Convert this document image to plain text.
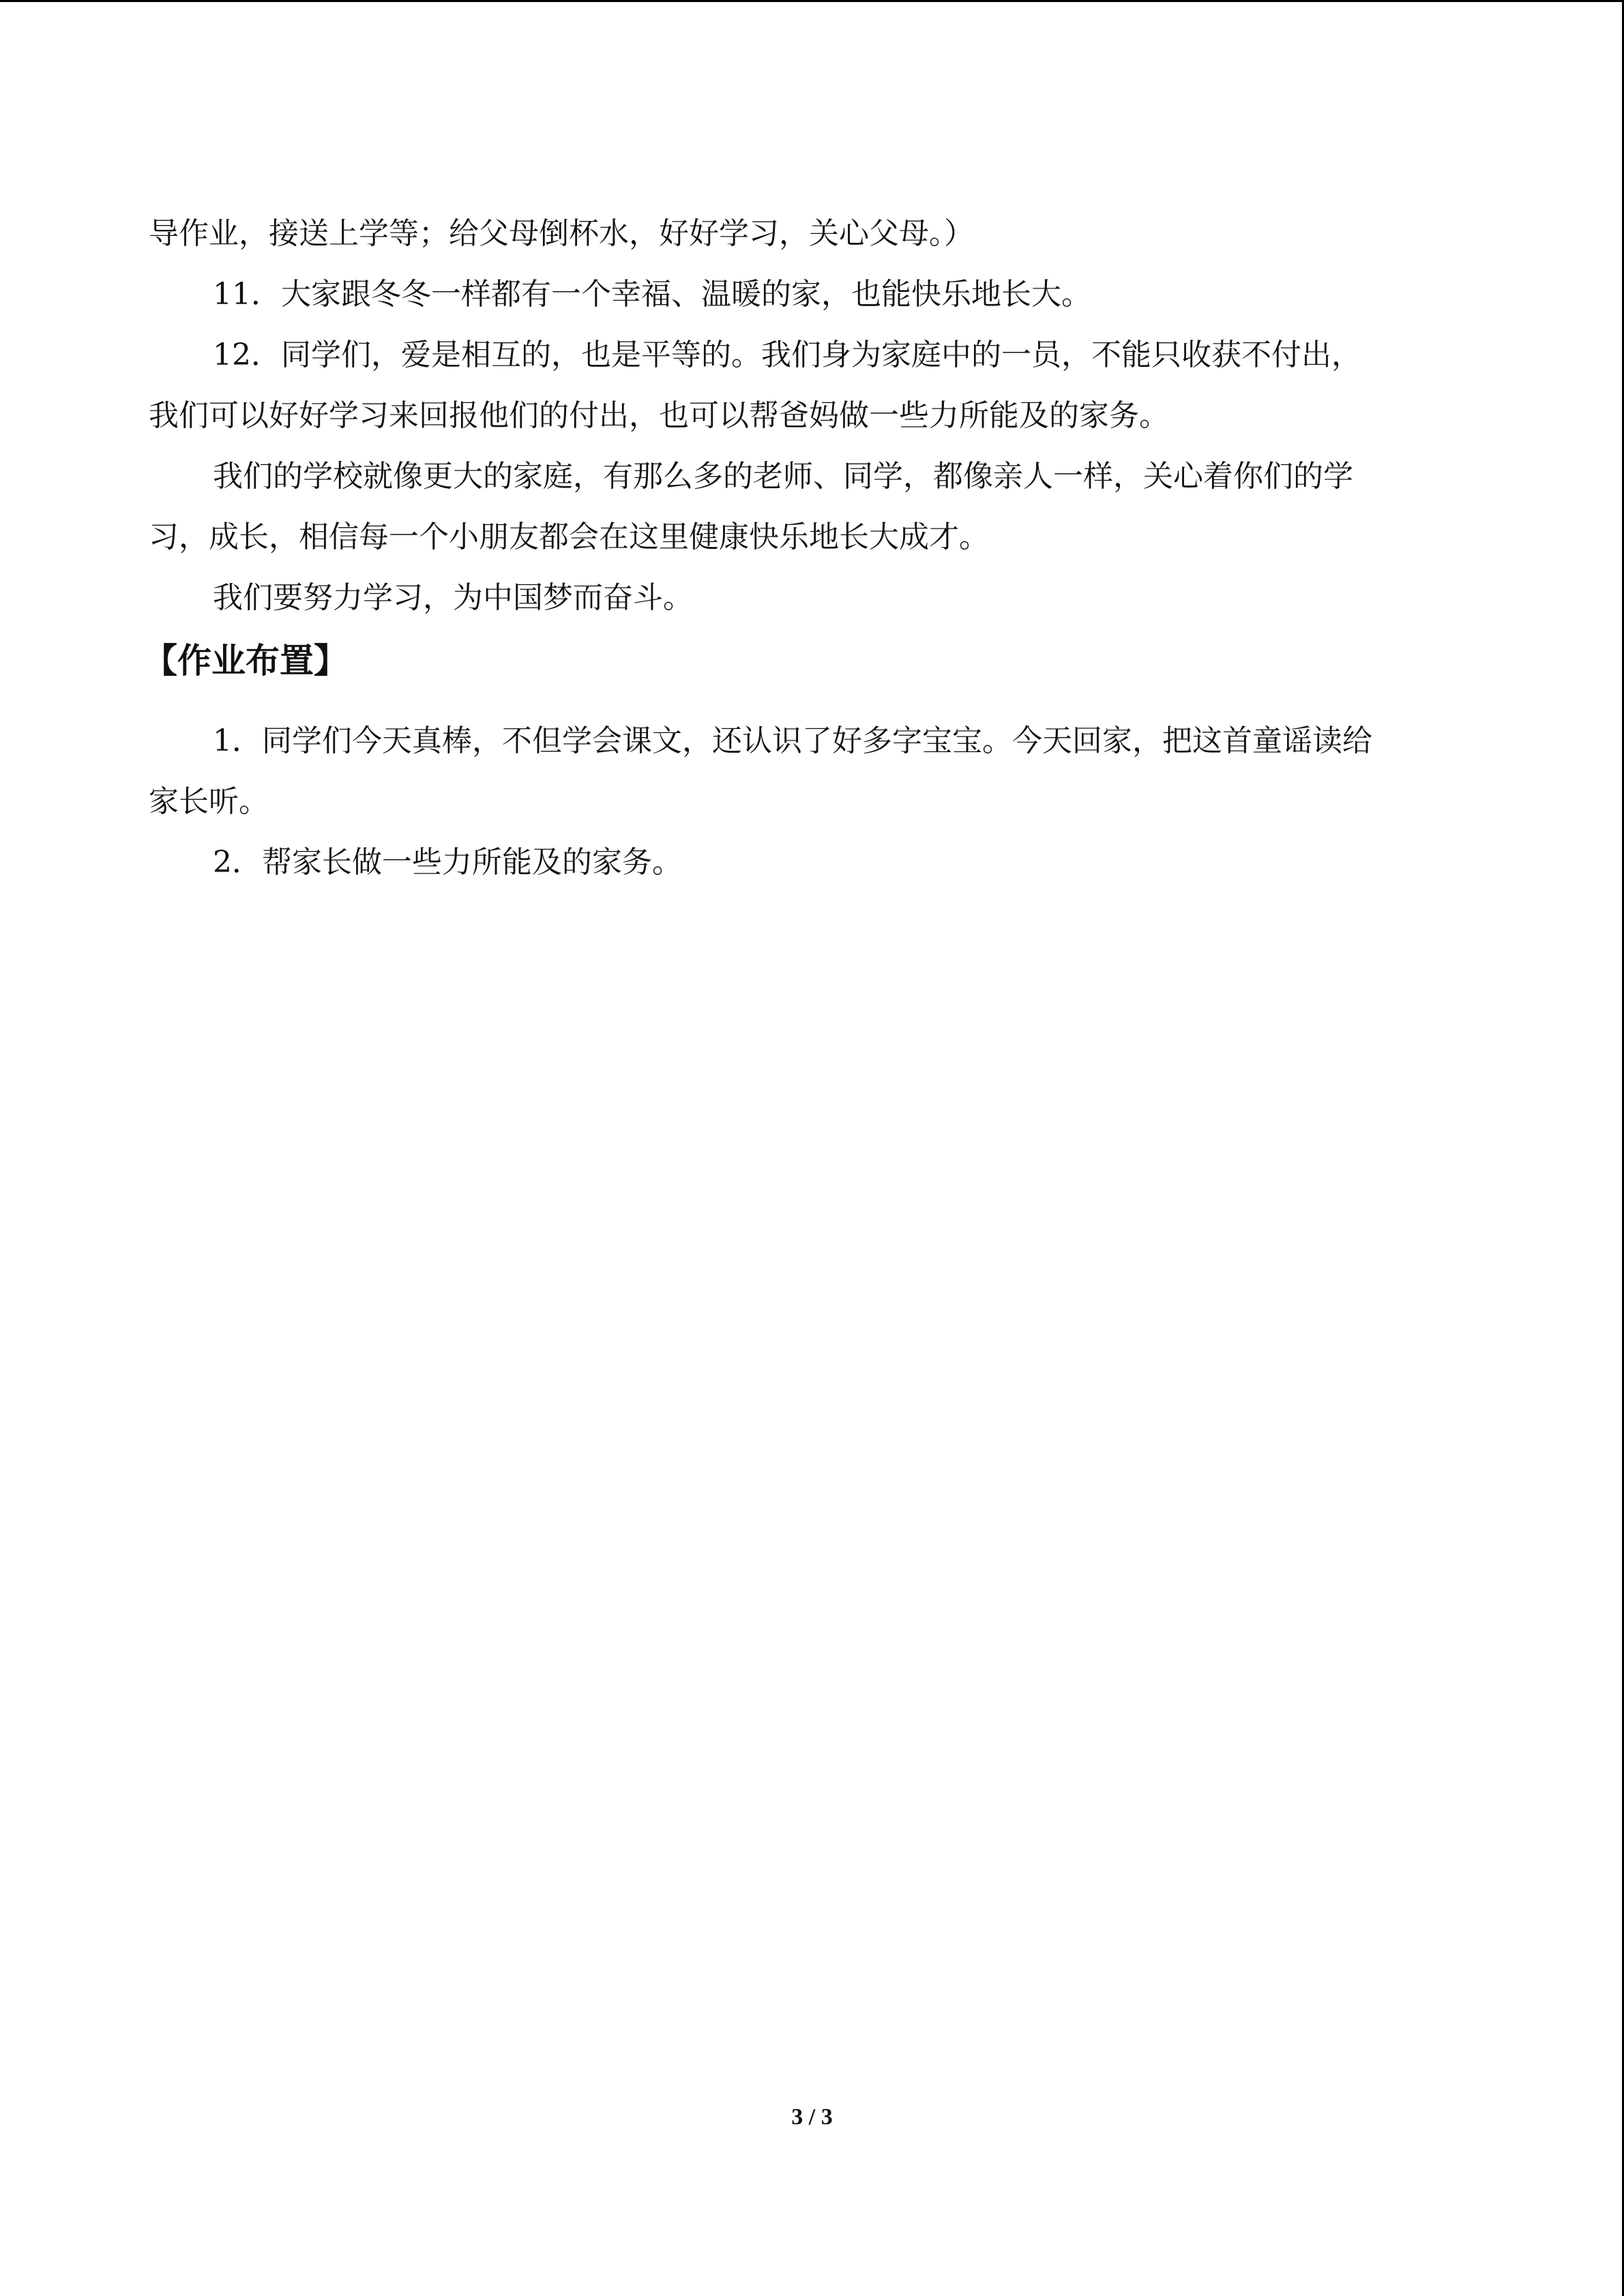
导作业，接送上学等；给父母倒杯水，好好学习，关心父母。）

11．大家跟冬冬一样都有一个幸福、温暖的家，也能快乐地长大。

12．同学们，爱是相互的，也是平等的。我们身为家庭中的一员，不能只收获不付出，

我们可以好好学习来回报他们的付出，也可以帮爸妈做一些力所能及的家务。

我们的学校就像更大的家庭，有那么多的老师、同学，都像亲人一样，关心着你们的学

习，成长，相信每一个小朋友都会在这里健康快乐地长大成才。

我们要努力学习，为中国梦而奋斗。

【作业布置】

1．同学们今天真棒，不但学会课文，还认识了好多字宝宝。今天回家，把这首童谣读给

家长听。

2．帮家长做一些力所能及的家务。

3 / 3
